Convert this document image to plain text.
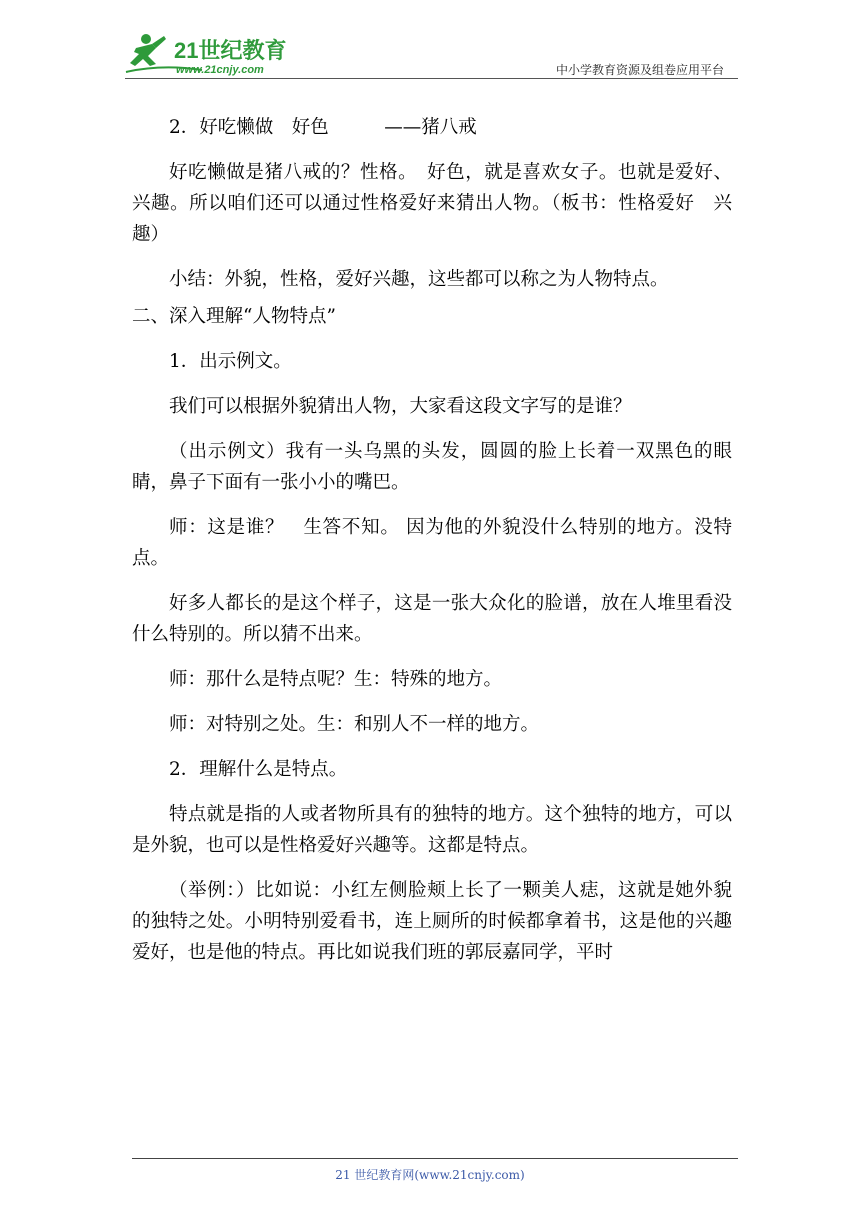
21世纪教育
www.21cnjy.com	中小学教育资源及组卷应用平台

2．好吃懒做　好色　　　——猪八戒

好吃懒做是猪八戒的？性格。　好色，就是喜欢女子。也就是爱好、兴趣。所以咱们还可以通过性格爱好来猜出人物。（板书：性格爱好　兴趣）

小结：外貌，性格，爱好兴趣，这些都可以称之为人物特点。

二、深入理解“人物特点”

1．出示例文。

我们可以根据外貌猜出人物，大家看这段文字写的是谁？

（出示例文）我有一头乌黑的头发，圆圆的脸上长着一双黑色的眼睛，鼻子下面有一张小小的嘴巴。

师：这是谁？　生答不知。 因为他的外貌没什么特别的地方。没特点。

好多人都长的是这个样子，这是一张大众化的脸谱，放在人堆里看没什么特别的。所以猜不出来。

师：那什么是特点呢？生：特殊的地方。

师：对特别之处。生：和别人不一样的地方。

2．理解什么是特点。

特点就是指的人或者物所具有的独特的地方。这个独特的地方，可以是外貌，也可以是性格爱好兴趣等。这都是特点。

（举例：）比如说：小红左侧脸颊上长了一颗美人痣，这就是她外貌的独特之处。小明特别爱看书，连上厕所的时候都拿着书，这是他的兴趣爱好，也是他的特点。再比如说我们班的郭辰嘉同学，平时

21 世纪教育网(www.21cnjy.com)
